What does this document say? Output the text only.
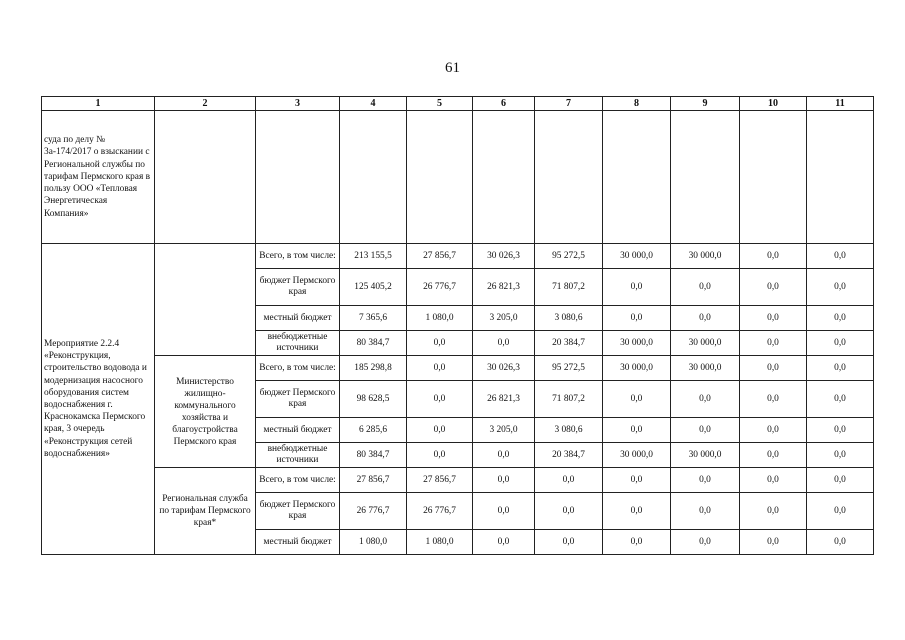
61
1	2	3	4	5	6	7	8	9	10	11
суда по делу № 3а-174/2017 о взыскании с Региональной службы по тарифам Пермского края в пользу ООО «Тепловая Энергетическая Компания»										
Мероприятие 2.2.4 «Реконструкция, строительство водовода и модернизация насосного оборудования систем водоснабжения г. Краснокамска Пермского края, 3 очередь «Реконструкция сетей водоснабжения»		Всего, в том числе:	213 155,5	27 856,7	30 026,3	95 272,5	30 000,0	30 000,0	0,0	0,0
		бюджет Пермского края	125 405,2	26 776,7	26 821,3	71 807,2	0,0	0,0	0,0	0,0
		местный бюджет	7 365,6	1 080,0	3 205,0	3 080,6	0,0	0,0	0,0	0,0
		внебюджетные источники	80 384,7	0,0	0,0	20 384,7	30 000,0	30 000,0	0,0	0,0
	Министерство жилищно-коммунального хозяйства и благоустройства Пермского края	Всего, в том числе:	185 298,8	0,0	30 026,3	95 272,5	30 000,0	30 000,0	0,0	0,0
		бюджет Пермского края	98 628,5	0,0	26 821,3	71 807,2	0,0	0,0	0,0	0,0
		местный бюджет	6 285,6	0,0	3 205,0	3 080,6	0,0	0,0	0,0	0,0
		внебюджетные источники	80 384,7	0,0	0,0	20 384,7	30 000,0	30 000,0	0,0	0,0
	Региональная служба по тарифам Пермского края*	Всего, в том числе:	27 856,7	27 856,7	0,0	0,0	0,0	0,0	0,0	0,0
		бюджет Пермского края	26 776,7	26 776,7	0,0	0,0	0,0	0,0	0,0	0,0
		местный бюджет	1 080,0	1 080,0	0,0	0,0	0,0	0,0	0,0	0,0
